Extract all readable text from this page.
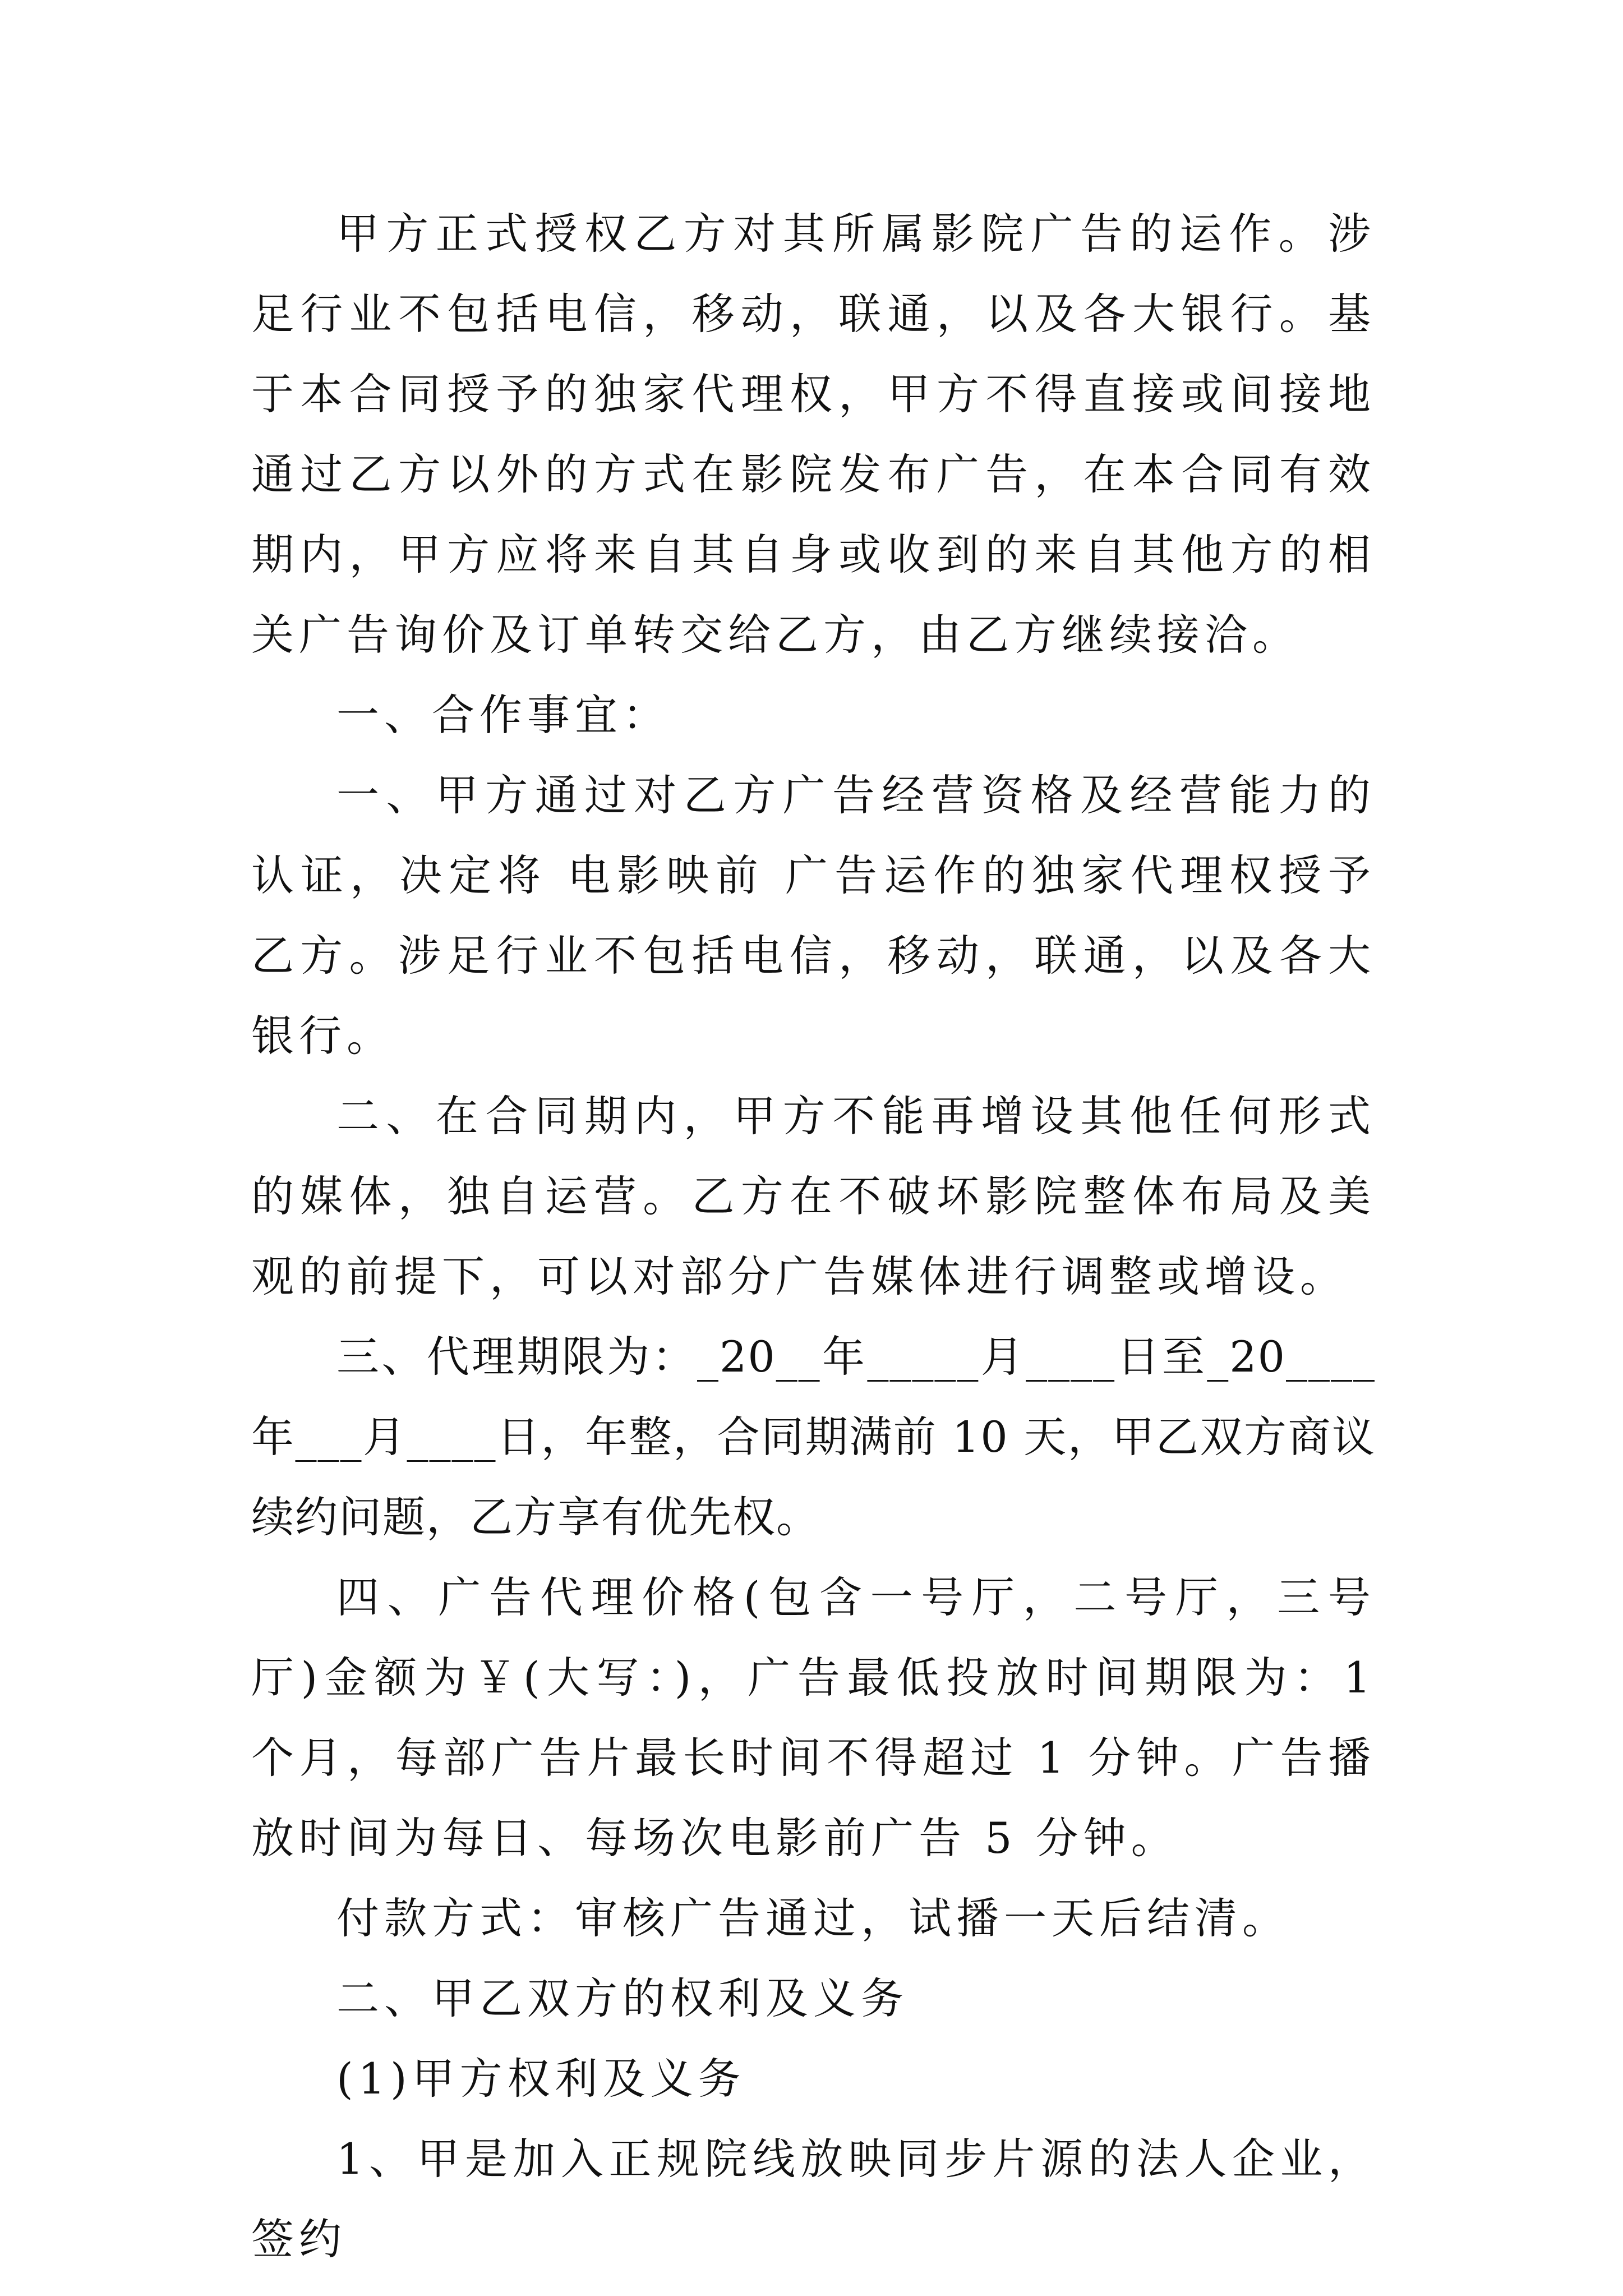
甲方正式授权乙方对其所属影院广告的运作。涉足行业不包括电信，移动，联通，以及各大银行。基于本合同授予的独家代理权，甲方不得直接或间接地通过乙方以外的方式在影院发布广告，在本合同有效期内，甲方应将来自其自身或收到的来自其他方的相关广告询价及订单转交给乙方，由乙方继续接洽。

一、合作事宜：

一、甲方通过对乙方广告经营资格及经营能力的认证，决定将 电影映前 广告运作的独家代理权授予乙方。涉足行业不包括电信，移动，联通，以及各大银行。

二、在合同期内，甲方不能再增设其他任何形式的媒体，独自运营。乙方在不破坏影院整体布局及美观的前提下，可以对部分广告媒体进行调整或增设。

三、代理期限为：_20__年_____月____日至_20____年___月____日，年整，合同期满前 10 天，甲乙双方商议续约问题，乙方享有优先权。

四、广告代理价格(包含一号厅，二号厅，三号厅)金额为￥(大写：)，广告最低投放时间期限为：1 个月，每部广告片最长时间不得超过 1 分钟。广告播放时间为每日、每场次电影前广告 5 分钟。

付款方式：审核广告通过，试播一天后结清。

二、甲乙双方的权利及义务

(1)甲方权利及义务

1、甲是加入正规院线放映同步片源的法人企业，签约
